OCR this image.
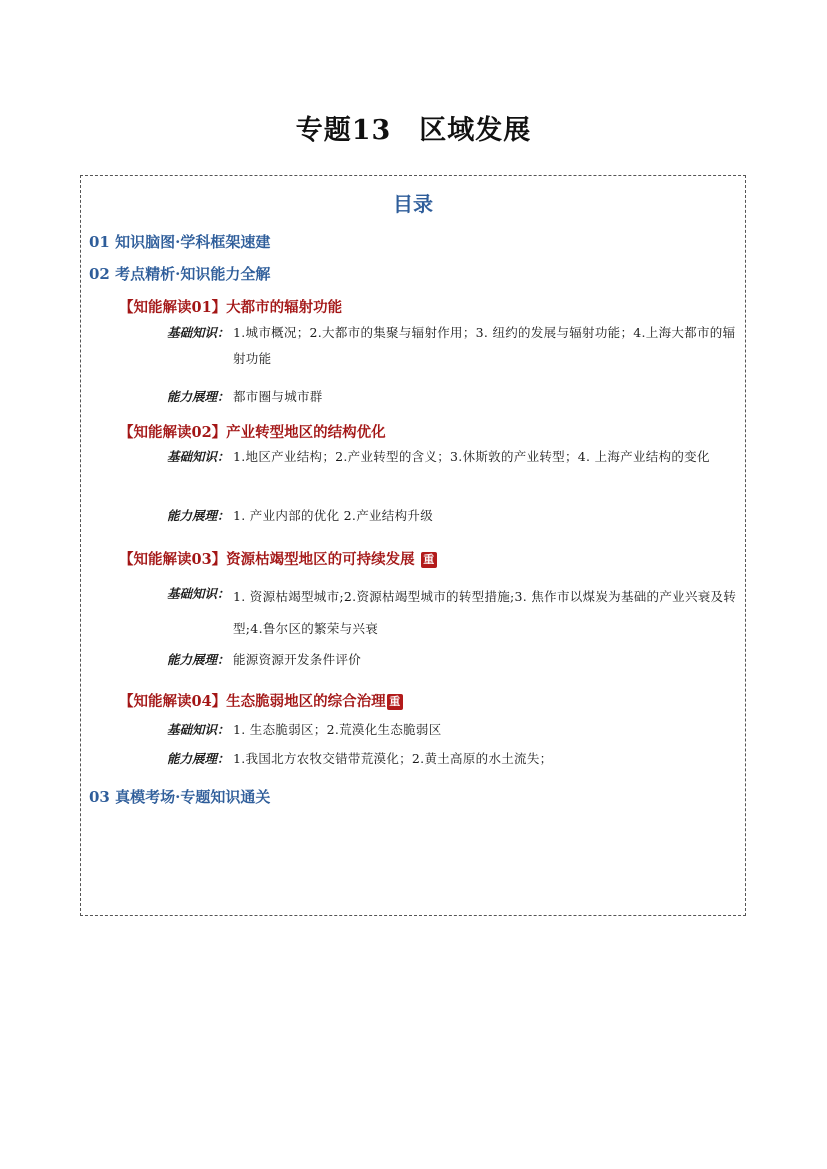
专题13　区域发展
目录
01 知识脑图·学科框架速建
02 考点精析·知识能力全解
【知能解读01】大都市的辐射功能
基础知识： 1.城市概况；2.大都市的集聚与辐射作用；3. 纽约的发展与辐射功能；4.上海大都市的辐射功能
能力展理： 都市圈与城市群
【知能解读02】产业转型地区的结构优化
基础知识： 1.地区产业结构；2.产业转型的含义；3.休斯敦的产业转型；4. 上海产业结构的变化
能力展理： 1. 产业内部的优化 2.产业结构升级
【知能解读03】资源枯竭型地区的可持续发展 重
基础知识： 1. 资源枯竭型城市;2.资源枯竭型城市的转型措施;3. 焦作市以煤炭为基础的产业兴衰及转型;4.鲁尔区的繁荣与兴衰
能力展理： 能源资源开发条件评价
【知能解读04】生态脆弱地区的综合治理 重
基础知识： 1. 生态脆弱区；2.荒漠化生态脆弱区
能力展理： 1.我国北方农牧交错带荒漠化；2.黄土高原的水土流失；
03 真模考场·专题知识通关
